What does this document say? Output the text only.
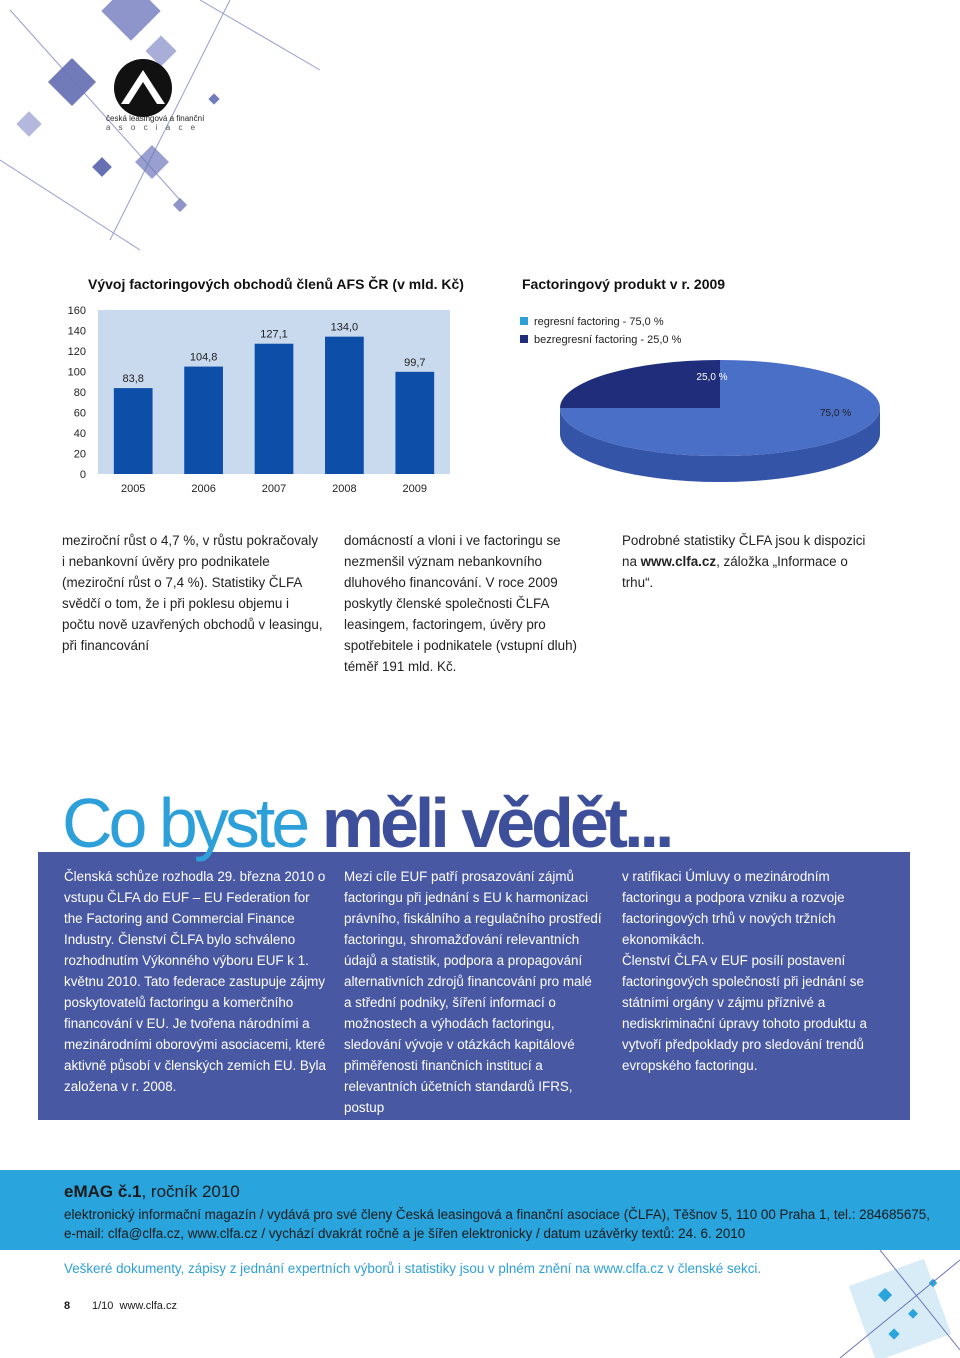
česká leasingová a finanční
a s o c i a c e
Vývoj factoringových obchodů členů AFS ČR (v mld. Kč)
0
20
40
60
80
100
120
140
160
83,8
2005
104,8
2006
127,1
2007
134,0
2008
99,7
2009
Factoringový produkt v r. 2009
regresní factoring - 75,0 %
bezregresní factoring - 25,0 %
75,0 %
25,0 %

meziroční růst o 4,7 %, v růstu pokračovaly i nebankovní úvěry pro podnikatele (meziroční růst o 7,4 %). Statistiky ČLFA svědčí o tom, že i při poklesu objemu i počtu nově uzavřených obchodů v leasingu, při financování

domácností a vloni i ve factoringu se nezmenšil význam nebankovního dluhového financování. V roce 2009 poskytly členské společnosti ČLFA leasingem, factoringem, úvěry pro spotřebitele i podnikatele (vstupní dluh) téměř 191 mld. Kč.

Podrobné statistiky ČLFA jsou k dispozici na www.clfa.cz, záložka „Informace o trhu“.

Co byste měli vědět...

Členská schůze rozhodla 29. března 2010 o vstupu ČLFA do EUF – EU Federation for the Factoring and Commercial Finance Industry. Členství ČLFA bylo schváleno rozhodnutím Výkonného výboru EUF k 1. květnu 2010. Tato federace zastupuje zájmy poskytovatelů factoringu a komerčního financování v EU. Je tvořena národními a mezinárodními oborovými asociacemi, které aktivně působí v členských zemích EU. Byla založena v r. 2008.

Mezi cíle EUF patří prosazování zájmů factoringu při jednání s EU k harmonizaci právního, fiskálního a regulačního prostředí factoringu, shromažďování relevantních údajů a statistik, podpora a propagování alternativních zdrojů financování pro malé a střední podniky, šíření informací o možnostech a výhodách factoringu, sledování vývoje v otázkách kapitálové přiměřenosti finančních institucí a relevantních účetních standardů IFRS, postup

v ratifikaci Úmluvy o mezinárodním factoringu a podpora vzniku a rozvoje factoringových trhů v nových tržních ekonomikách.

Členství ČLFA v EUF posílí postavení factoringových společností při jednání se státními orgány v zájmu příznivé a nediskriminační úpravy tohoto produktu a vytvoří předpoklady pro sledování trendů evropského factoringu.

eMAG č.1, ročník 2010
elektronický informační magazín / vydává pro své členy Česká leasingová a finanční asociace (ČLFA), Těšnov 5, 110 00 Praha 1, tel.: 284685675,
e-mail: clfa@clfa.cz, www.clfa.cz / vychází dvakrát ročně a je šířen elektronicky / datum uzávěrky textů: 24. 6. 2010
Veškeré dokumenty, zápisy z jednání expertních výborů i statistiky jsou v plném znění na www.clfa.cz v členské sekci.
8 1/10  www.clfa.cz
